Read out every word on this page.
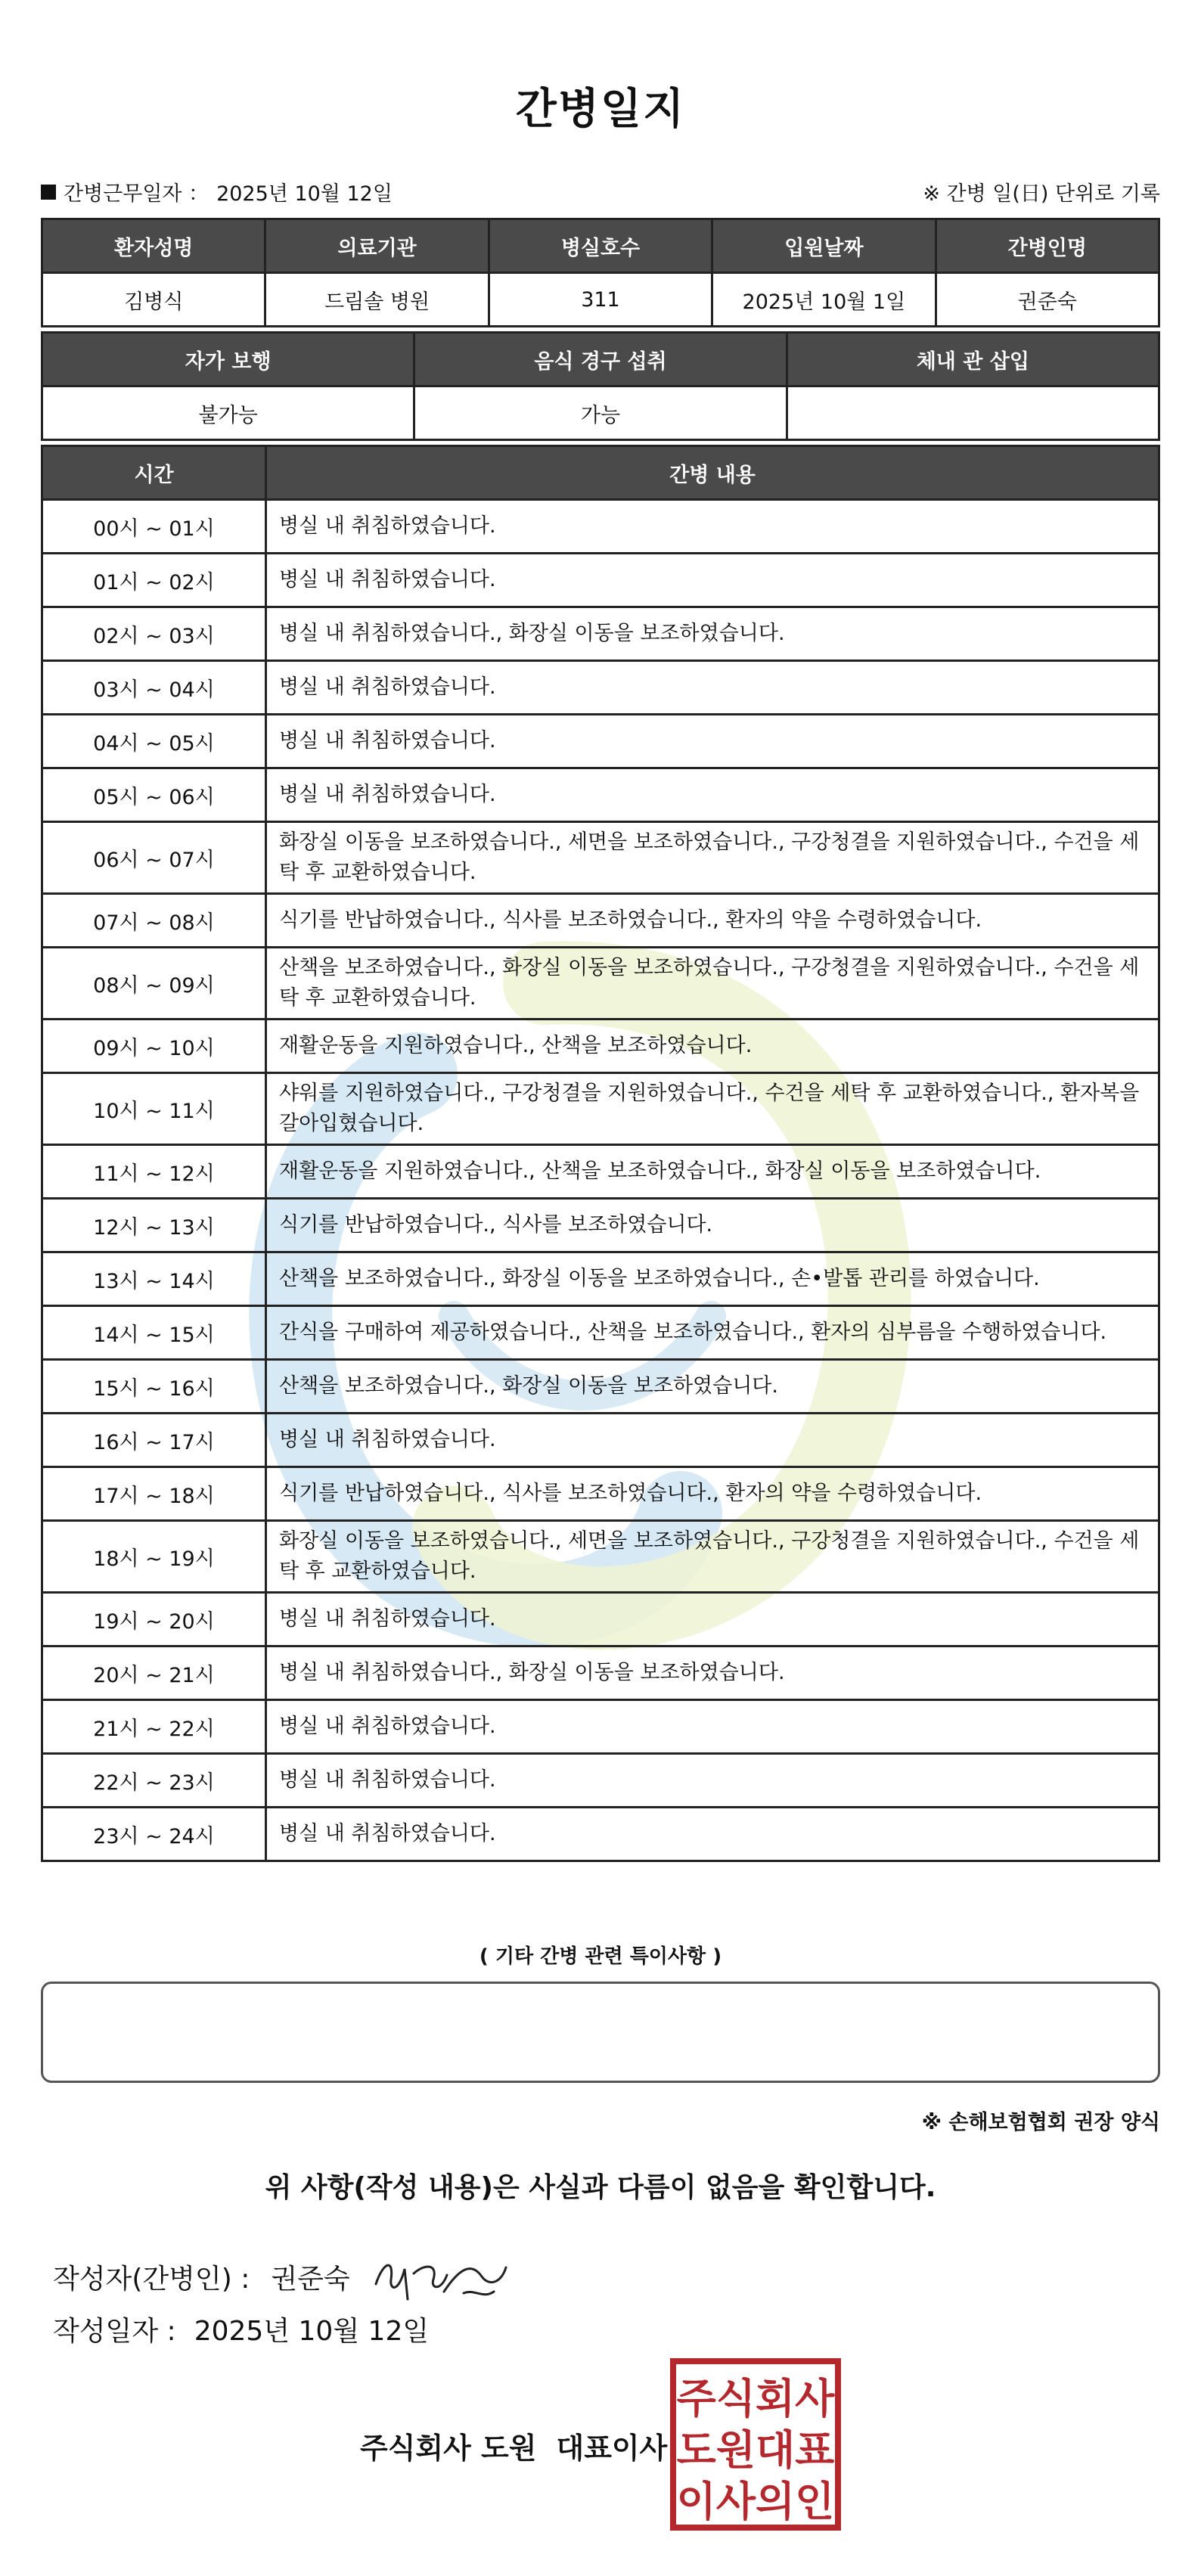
간병일지
간병근무일자 ： 2025년 10월 12일	※ 간병 일(日) 단위로 기록
환자성명	의료기관	병실호수	입원날짜	간병인명
김병식	드림솔 병원	311	2025년 10월 1일	권준숙
자가 보행	음식 경구 섭취	체내 관 삽입
불가능	가능	
시간	간병 내용
00시 ~ 01시	병실 내 취침하였습니다.
01시 ~ 02시	병실 내 취침하였습니다.
02시 ~ 03시	병실 내 취침하였습니다., 화장실 이동을 보조하였습니다.
03시 ~ 04시	병실 내 취침하였습니다.
04시 ~ 05시	병실 내 취침하였습니다.
05시 ~ 06시	병실 내 취침하였습니다.
06시 ~ 07시	화장실 이동을 보조하였습니다., 세면을 보조하였습니다., 구강청결을 지원하였습니다., 수건을 세탁 후 교환하였습니다.
07시 ~ 08시	식기를 반납하였습니다., 식사를 보조하였습니다., 환자의 약을 수령하였습니다.
08시 ~ 09시	산책을 보조하였습니다., 화장실 이동을 보조하였습니다., 구강청결을 지원하였습니다., 수건을 세탁 후 교환하였습니다.
09시 ~ 10시	재활운동을 지원하였습니다., 산책을 보조하였습니다.
10시 ~ 11시	샤워를 지원하였습니다., 구강청결을 지원하였습니다., 수건을 세탁 후 교환하였습니다., 환자복을 갈아입혔습니다.
11시 ~ 12시	재활운동을 지원하였습니다., 산책을 보조하였습니다., 화장실 이동을 보조하였습니다.
12시 ~ 13시	식기를 반납하였습니다., 식사를 보조하였습니다.
13시 ~ 14시	산책을 보조하였습니다., 화장실 이동을 보조하였습니다., 손•발톱 관리를 하였습니다.
14시 ~ 15시	간식을 구매하여 제공하였습니다., 산책을 보조하였습니다., 환자의 심부름을 수행하였습니다.
15시 ~ 16시	산책을 보조하였습니다., 화장실 이동을 보조하였습니다.
16시 ~ 17시	병실 내 취침하였습니다.
17시 ~ 18시	식기를 반납하였습니다., 식사를 보조하였습니다., 환자의 약을 수령하였습니다.
18시 ~ 19시	화장실 이동을 보조하였습니다., 세면을 보조하였습니다., 구강청결을 지원하였습니다., 수건을 세탁 후 교환하였습니다.
19시 ~ 20시	병실 내 취침하였습니다.
20시 ~ 21시	병실 내 취침하였습니다., 화장실 이동을 보조하였습니다.
21시 ~ 22시	병실 내 취침하였습니다.
22시 ~ 23시	병실 내 취침하였습니다.
23시 ~ 24시	병실 내 취침하였습니다.
( 기타 간병 관련 특이사항 )
※ 손해보험협회 권장 양식
위 사항(작성 내용)은 사실과 다름이 없음을 확인합니다.
작성자(간병인) : 권준숙
작성일자 : 2025년 10월 12일
주식회사 도원 대표이사
주식회사
도원대표
이사의인
